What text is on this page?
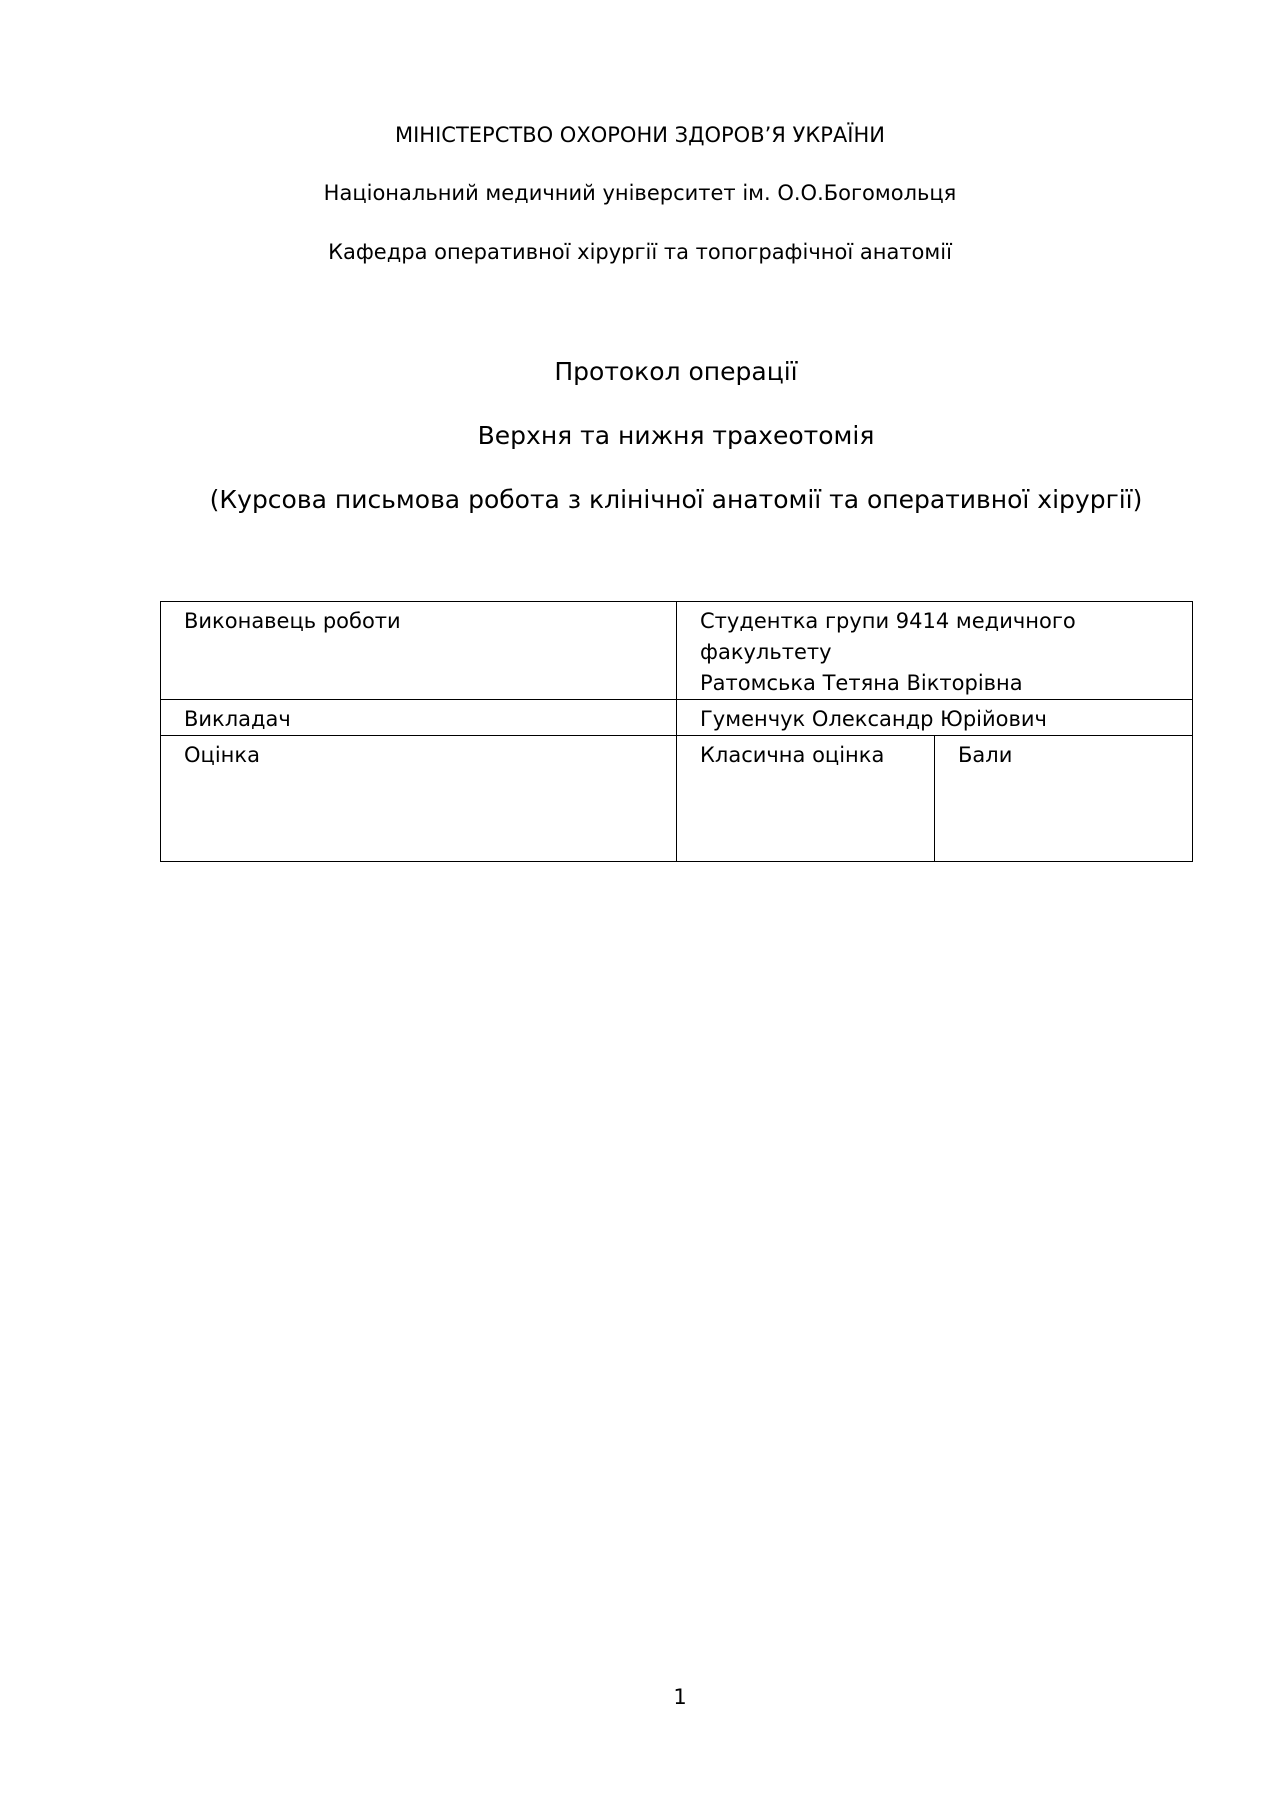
МІНІСТЕРСТВО ОХОРОНИ ЗДОРОВ’Я УКРАЇНИ
Національний медичний університет ім. О.О.Богомольця
Кафедра оперативної хірургії та топографічної анатомії
Протокол операції
Верхня та нижня трахеотомія
(Курсова письмова робота з клінічної анатомії та оперативної хірургії)
Виконавець роботи	Студентка групи 9414 медичного
факультету
Ратомська Тетяна Вікторівна	

Викладач	Гуменчук Олександр Юрійович	
Оцінка	Класична оцінка	Бали
1
